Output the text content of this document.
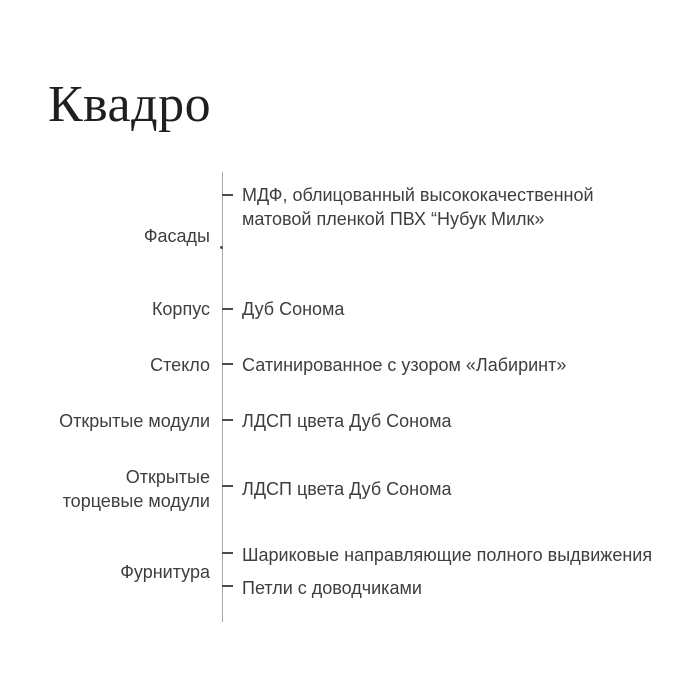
Квадро
Фасады
МДФ, облицованный высококачественной
матовой пленкой ПВХ “Нубук Милк»
Корпус Дуб Сонома
Стекло Сатинированное с узором «Лабиринт»
Открытые модули ЛДСП цвета Дуб Сонома
Открытые
торцевые модули
ЛДСП цвета Дуб Сонома
Фурнитура
Шариковые направляющие полного выдвижения
Петли с доводчиками
